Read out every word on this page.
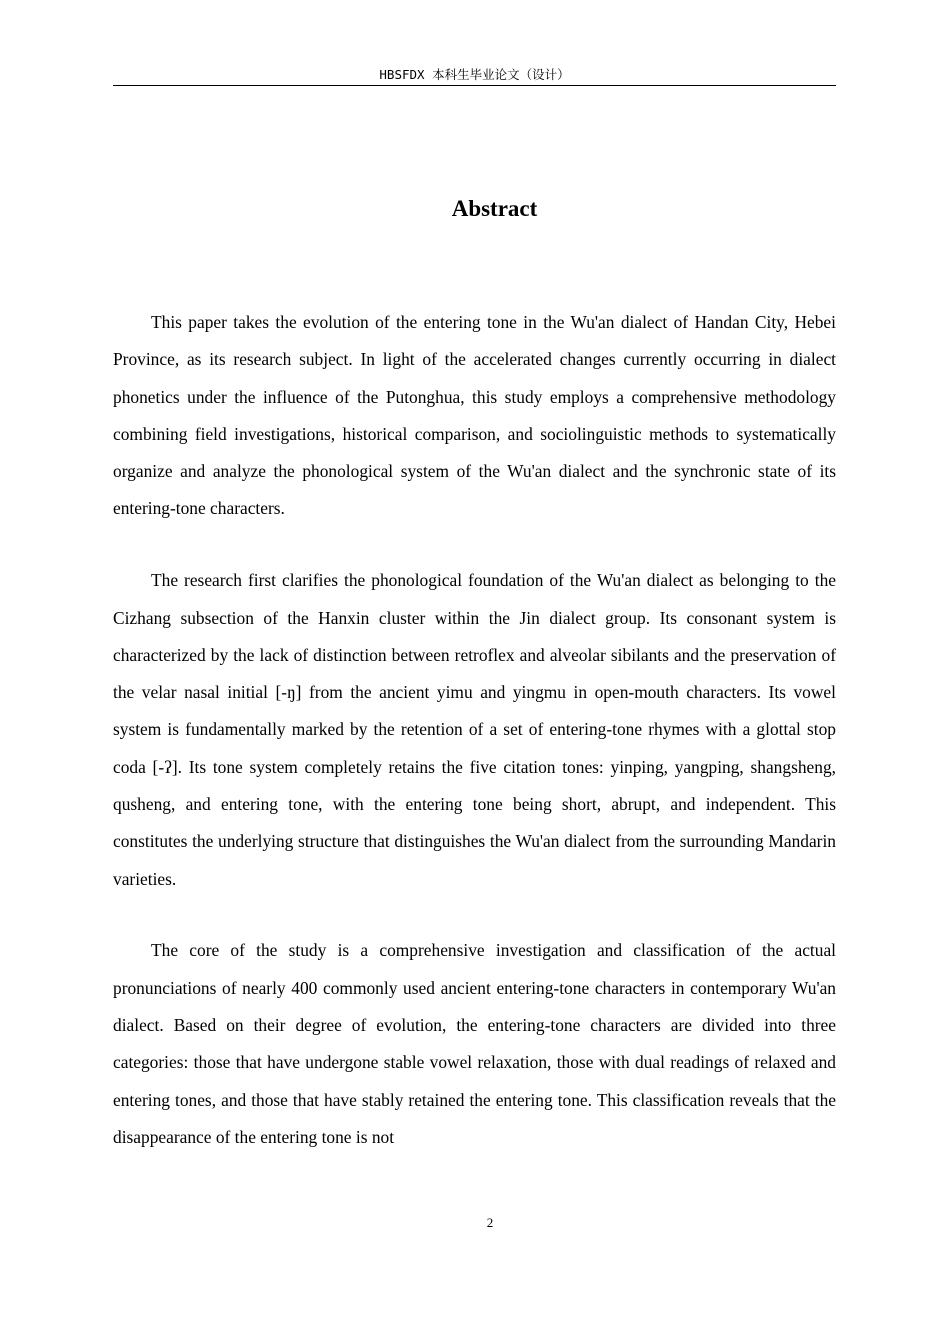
HBSFDX 本科生毕业论文（设计）
Abstract

This paper takes the evolution of the entering tone in the Wu'an dialect of Handan City, Hebei Province, as its research subject. In light of the accelerated changes currently occurring in dialect phonetics under the influence of the Putonghua, this study employs a comprehensive methodology combining field investigations, historical comparison, and sociolinguistic methods to systematically organize and analyze the phonological system of the Wu'an dialect and the synchronic state of its entering-tone characters.

The research first clarifies the phonological foundation of the Wu'an dialect as belonging to the Cizhang subsection of the Hanxin cluster within the Jin dialect group. Its consonant system is characterized by the lack of distinction between retroflex and alveolar sibilants and the preservation of the velar nasal initial [-ŋ] from the ancient yimu and yingmu in open-mouth characters. Its vowel system is fundamentally marked by the retention of a set of entering-tone rhymes with a glottal stop coda [-ʔ]. Its tone system completely retains the five citation tones: yinping, yangping, shangsheng, qusheng, and entering tone, with the entering tone being short, abrupt, and independent. This constitutes the underlying structure that distinguishes the Wu'an dialect from the surrounding Mandarin varieties.

The core of the study is a comprehensive investigation and classification of the actual pronunciations of nearly 400 commonly used ancient entering-tone characters in contemporary Wu'an dialect. Based on their degree of evolution, the entering-tone characters are divided into three categories: those that have undergone stable vowel relaxation, those with dual readings of relaxed and entering tones, and those that have stably retained the entering tone. This classification reveals that the disappearance of the entering tone is not

2
